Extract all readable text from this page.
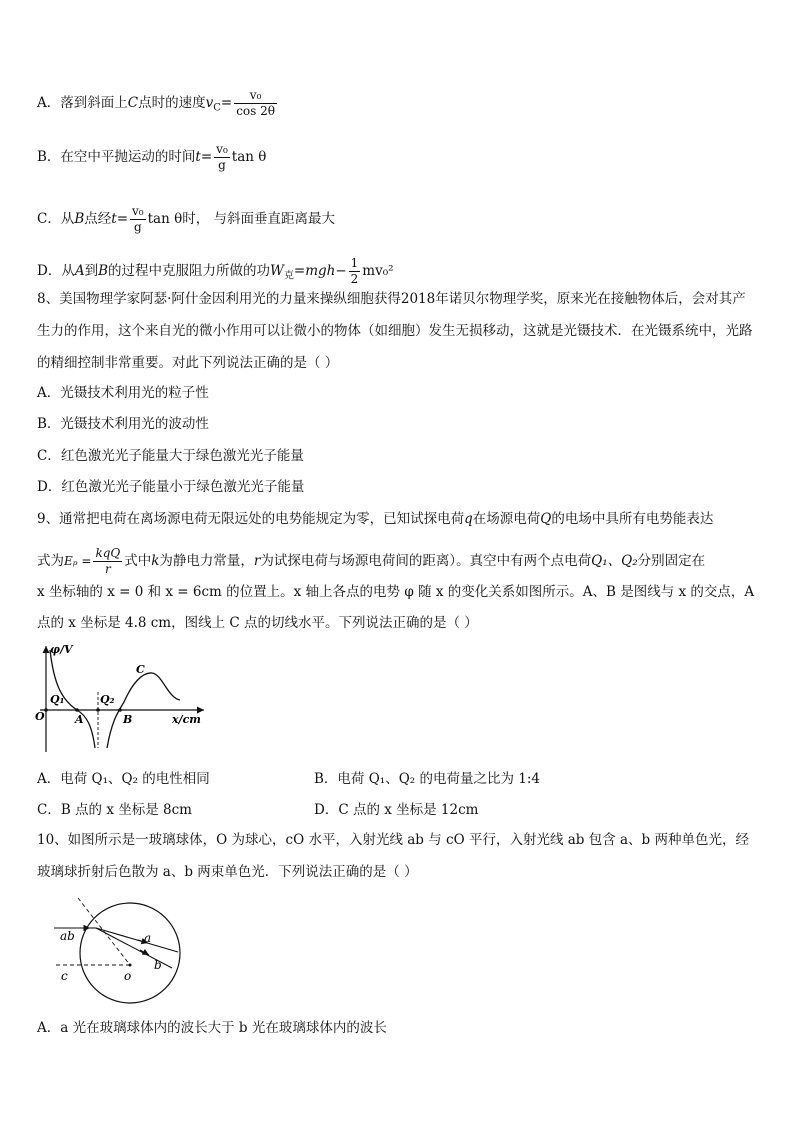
A．落到斜面上C点时的速度$v_C= \frac{\text{v₀}}{\cos 2\theta}$
B．在空中平抛运动的时间$t= \frac{\text{v₀}}{g}$ tan θ
C．从B点经$t= \frac{\text{v₀}}{g}$ tan θ时， 与斜面垂直距离最大
D．从A到B的过程中克服阻力所做的功$W_克=mgh- \frac{1}{2} mv_0^2$
8、美国物理学家阿瑟·阿什金因利用光的力量来操纵细胞获得2018年诺贝尔物理学奖，原来光在接触物体后，会对其产生力的作用，这个来自光的微小作用可以让微小的物体（如细胞）发生无损移动，这就是光镊技术．在光镊系统中，光路的精细控制非常重要。对此下列说法正确的是（ ）
A．光镊技术利用光的粒子性
B．光镊技术利用光的波动性
C．红色激光光子能量大于绿色激光光子能量
D．红色激光光子能量小于绿色激光光子能量
9、通常把电荷在离场源电荷无限远处的电势能规定为零，已知试探电荷q在场源电荷Q的电场中具所有电势能表达
式为$E_p = \frac{\text{kqQ}}{r}$ 式中k为静电力常量，r为试探电荷与场源电荷间的距离）。真空中有两个点电荷Q₁、Q₂分别固定在
x 坐标轴的 x = 0 和 x = 6cm 的位置上。x 轴上各点的电势 φ 随 x 的变化关系如图所示。A、B 是图线与 x 的交点，A
点的 x 坐标是 4.8 cm，图线上 C 点的切线水平。下列说法正确的是（ ）
φ/V
x/cm
O
Q₁	Q₂
A	B
C
A．电荷 Q₁、Q₂ 的电性相同	B．电荷 Q₁、Q₂ 的电荷量之比为 1:4
C．B 点的 x 坐标是 8cm	D．C 点的 x 坐标是 12cm
10、如图所示是一玻璃球体，O 为球心，cO 水平，入射光线 ab 与 cO 平行，入射光线 ab 包含 a、b 两种单色光，经玻璃球折射后色散为 a、b 两束单色光．下列说法正确的是（ ）
ab	a
b
c	o
A．a 光在玻璃球体内的波长大于 b 光在玻璃球体内的波长
